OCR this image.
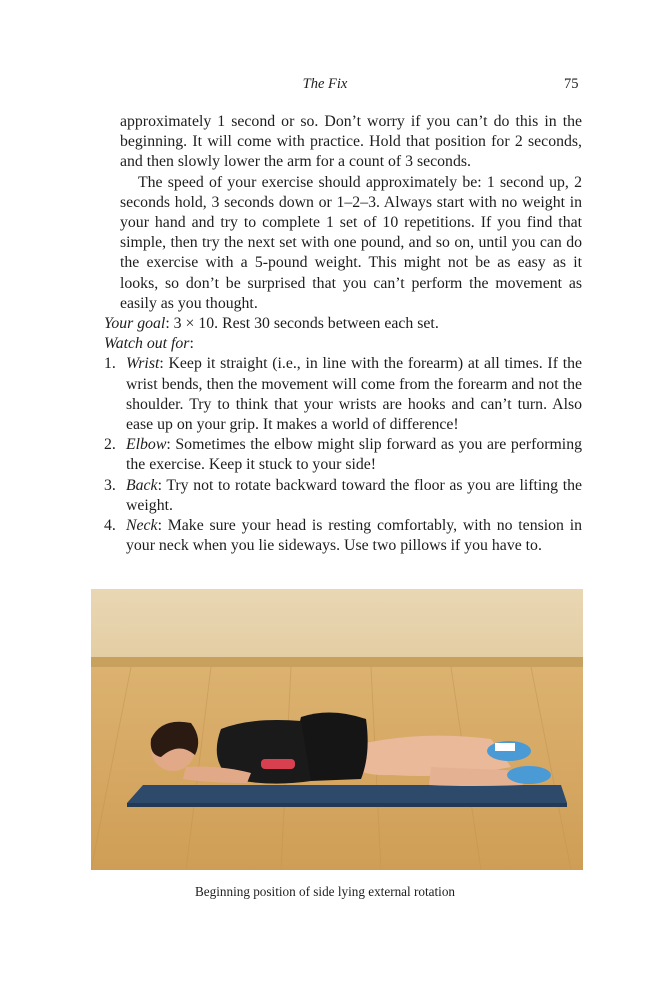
The Fix	75

approximately 1 second or so. Don’t worry if you can’t do this in the beginning. It will come with practice. Hold that position for 2 seconds, and then slowly lower the arm for a count of 3 seconds.

The speed of your exercise should approximately be: 1 second up, 2 seconds hold, 3 seconds down or 1–2–3. Always start with no weight in your hand and try to complete 1 set of 10 repetitions. If you find that simple, then try the next set with one pound, and so on, until you can do the exercise with a 5-pound weight. This might not be as easy as it looks, so don’t be surprised that you can’t perform the movement as easily as you thought.

Your goal: 3 × 10. Rest 30 seconds between each set.

Watch out for:

1. Wrist: Keep it straight (i.e., in line with the forearm) at all times. If the wrist bends, then the movement will come from the forearm and not the shoulder. Try to think that your wrists are hooks and can’t turn. Also ease up on your grip. It makes a world of difference!
2. Elbow: Sometimes the elbow might slip forward as you are performing the exercise. Keep it stuck to your side!
3. Back: Try not to rotate backward toward the floor as you are lifting the weight.
4. Neck: Make sure your head is resting comfortably, with no tension in your neck when you lie sideways. Use two pillows if you have to.
Beginning position of side lying external rotation
